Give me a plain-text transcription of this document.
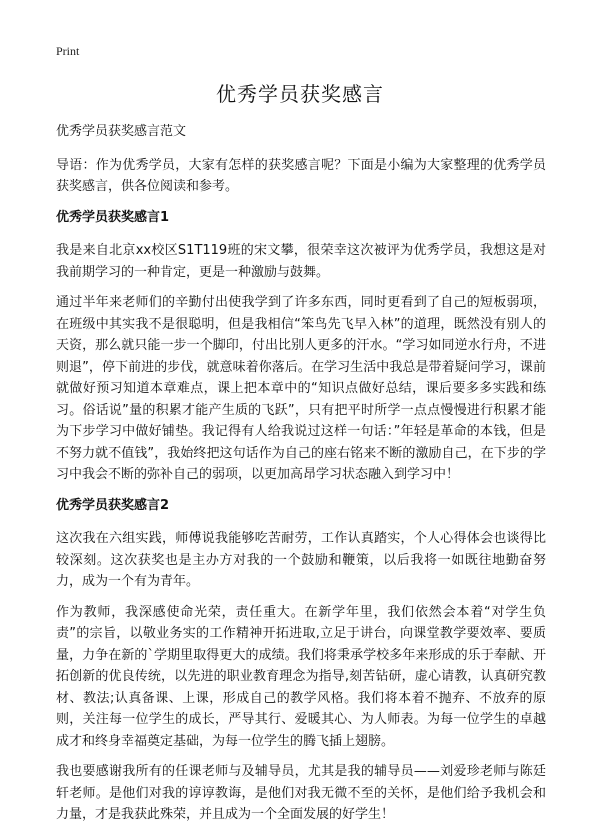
Print
优秀学员获奖感言

优秀学员获奖感言范文

导语：作为优秀学员，大家有怎样的获奖感言呢？下面是小编为大家整理的优秀学员获奖感言，供各位阅读和参考。

优秀学员获奖感言1

我是来自北京xx校区S1T119班的宋文攀，很荣幸这次被评为优秀学员，我想这是对我前期学习的一种肯定，更是一种激励与鼓舞。

通过半年来老师们的辛勤付出使我学到了许多东西，同时更看到了自己的短板弱项，在班级中其实我不是很聪明，但是我相信“笨鸟先飞早入林”的道理，既然没有别人的天资，那么就只能一步一个脚印，付出比别人更多的汗水。“学习如同逆水行舟，不进则退”，停下前进的步伐，就意味着你落后。在学习生活中我总是带着疑问学习，课前就做好预习知道本章难点，课上把本章中的“知识点做好总结，课后要多多实践和练习。俗话说”量的积累才能产生质的飞跃”，只有把平时所学一点点慢慢进行积累才能为下步学习中做好铺垫。我记得有人给我说过这样一句话：”年轻是革命的本钱，但是不努力就不值钱”，我始终把这句话作为自己的座右铭来不断的激励自己，在下步的学习中我会不断的弥补自己的弱项，以更加高昂学习状态融入到学习中！

优秀学员获奖感言2

这次我在六组实践，师傅说我能够吃苦耐劳，工作认真踏实，个人心得体会也谈得比较深刻。这次获奖也是主办方对我的一个鼓励和鞭策，以后我将一如既往地勤奋努力，成为一个有为青年。

作为教师，我深感使命光荣，责任重大。在新学年里，我们依然会本着“对学生负责”的宗旨，以敬业务实的工作精神开拓进取,立足于讲台，向课堂教学要效率、要质量，力争在新的`学期里取得更大的成绩。我们将秉承学校多年来形成的乐于奉献、开拓创新的优良传统，以先进的职业教育理念为指导,刻苦钻研，虚心请教，认真研究教材、教法;认真备课、上课，形成自己的教学风格。我们将本着不抛弃、不放弃的原则，关注每一位学生的成长，严导其行、爱暖其心、为人师表。为每一位学生的卓越成才和终身幸福奠定基础，为每一位学生的腾飞插上翅膀。

我也要感谢我所有的任课老师与及辅导员，尤其是我的辅导员——刘爱珍老师与陈廷轩老师。是他们对我的谆谆教诲，是他们对我无微不至的关怀，是他们给予我机会和力量，才是我获此殊荣，并且成为一个全面发展的好学生！
